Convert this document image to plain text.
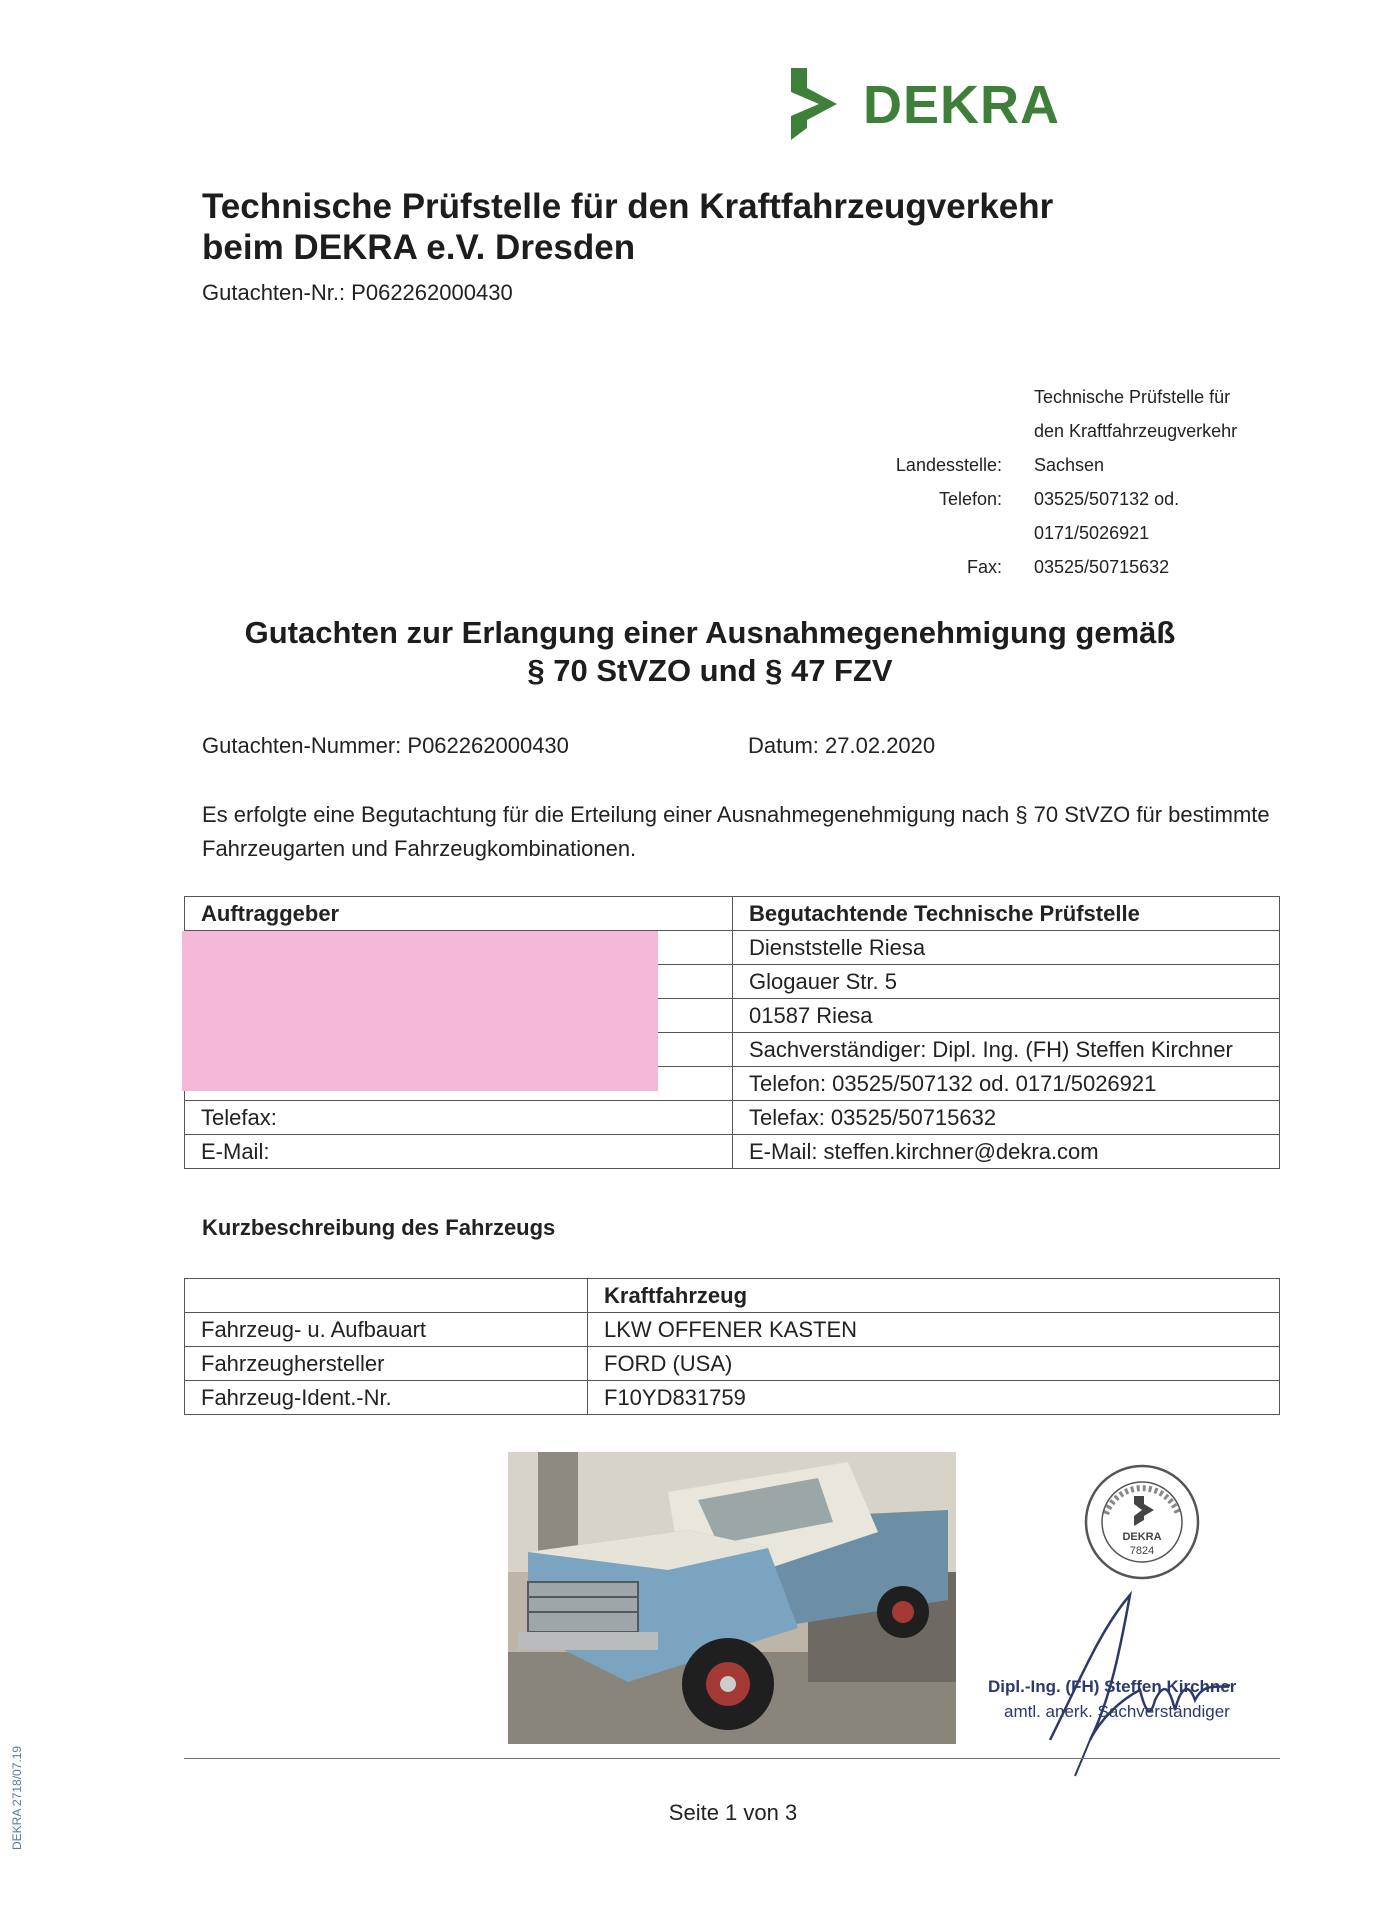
DEKRA
Technische Prüfstelle für den Kraftfahrzeugverkehr
beim DEKRA e.V. Dresden
Gutachten-Nr.: P062262000430
Technische Prüfstelle für
den Kraftfahrzeugverkehr
Landesstelle: Sachsen
Telefon: 03525/507132 od.
0171/5026921
Fax: 03525/50715632
Gutachten zur Erlangung einer Ausnahmegenehmigung gemäß
§ 70 StVZO und § 47 FZV
Gutachten-Nummer: P062262000430	Datum: 27.02.2020
Es erfolgte eine Begutachtung für die Erteilung einer Ausnahmegenehmigung nach § 70 StVZO für bestimmte Fahrzeugarten und Fahrzeugkombinationen.
Auftraggeber	Begutachtende Technische Prüfstelle
	Dienststelle Riesa
	Glogauer Str. 5
	01587 Riesa
	Sachverständiger: Dipl. Ing. (FH) Steffen Kirchner
	Telefon: 03525/507132 od. 0171/5026921
Telefax:	Telefax: 03525/50715632
E-Mail:	E-Mail: steffen.kirchner@dekra.com
Kurzbeschreibung des Fahrzeugs
	Kraftfahrzeug
Fahrzeug- u. Aufbauart	LKW OFFENER KASTEN
Fahrzeughersteller	FORD (USA)
Fahrzeug-Ident.-Nr.	F10YD831759
DEKRA
7824
Dipl.-Ing. (FH) Steffen Kirchner
amtl. anerk. Sachverständiger
Seite 1 von 3
DEKRA 2718/07.19
